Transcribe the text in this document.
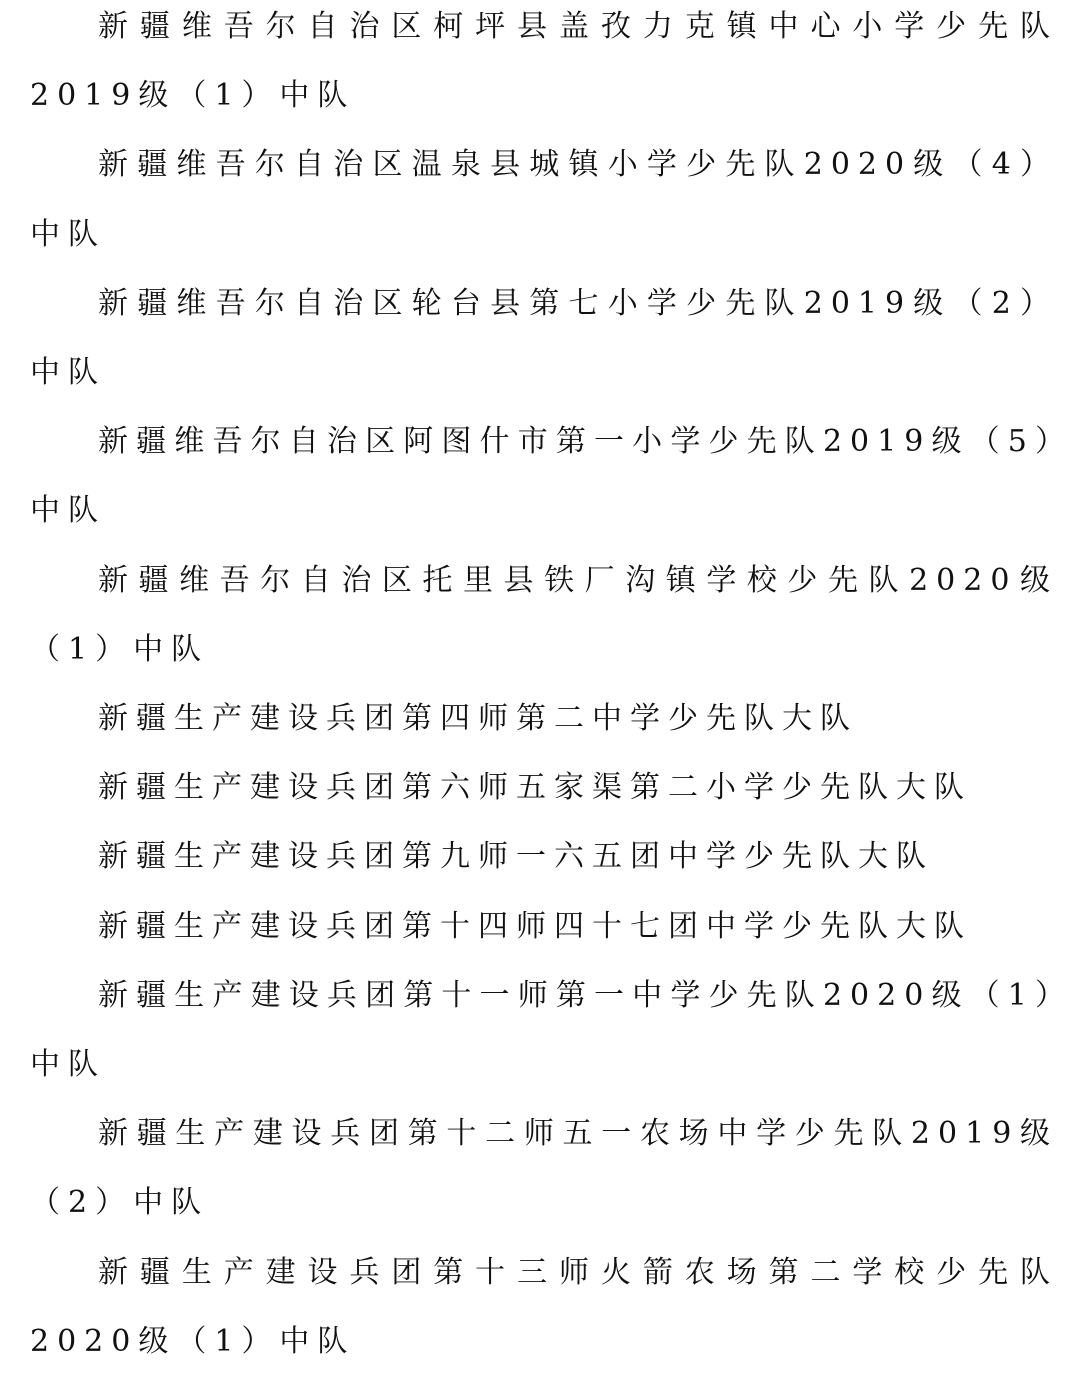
新疆维吾尔自治区柯坪县盖孜力克镇中心小学少先队2019级（1）中队

新疆维吾尔自治区温泉县城镇小学少先队2020级（4）中队

新疆维吾尔自治区轮台县第七小学少先队2019级（2）中队

新疆维吾尔自治区阿图什市第一小学少先队2019级（5）中队

新疆维吾尔自治区托里县铁厂沟镇学校少先队2020级（1）中队

新疆生产建设兵团第四师第二中学少先队大队

新疆生产建设兵团第六师五家渠第二小学少先队大队

新疆生产建设兵团第九师一六五团中学少先队大队

新疆生产建设兵团第十四师四十七团中学少先队大队

新疆生产建设兵团第十一师第一中学少先队2020级（1）中队

新疆生产建设兵团第十二师五一农场中学少先队2019级（2）中队

新疆生产建设兵团第十三师火箭农场第二学校少先队2020级（1）中队
